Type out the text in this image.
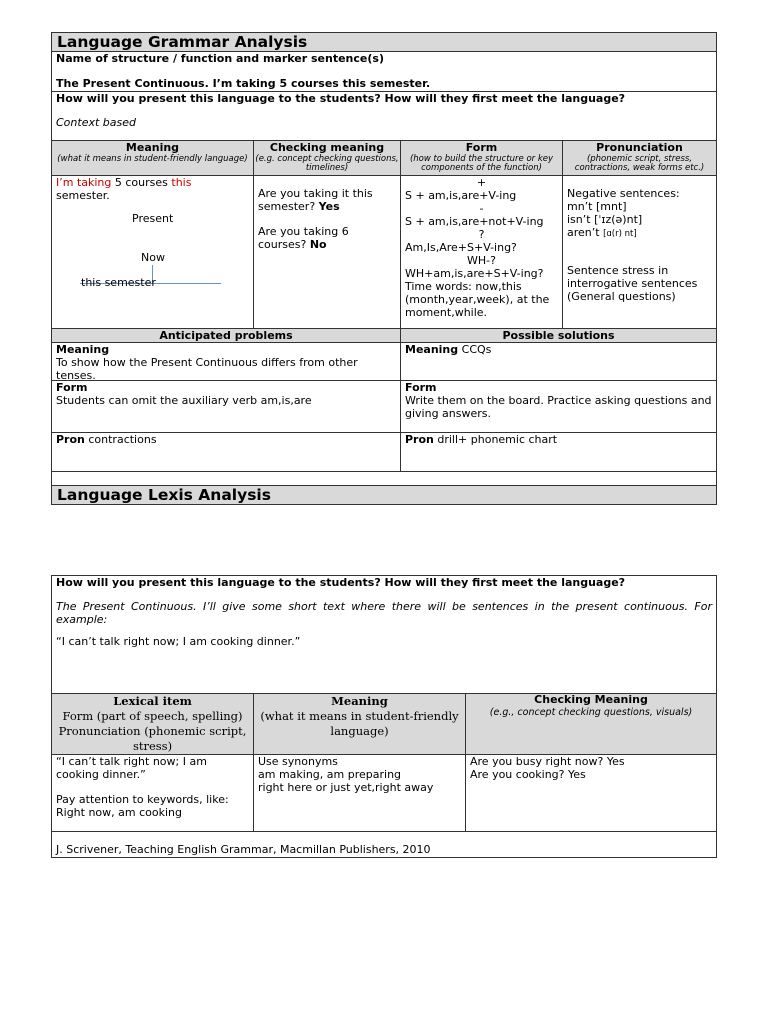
Language Grammar Analysis

Name of structure / function and marker sentence(s)

The Present Continuous. I’m taking 5 courses this semester.

How will you present this language to the students? How will they first meet the language?

Context based

Meaning
(what it means in student-friendly language)
Checking meaning
(e.g. concept checking questions, timelines)
Form
(how to build the structure or key components of the function)
Pronunciation
(phonemic script, stress, contractions, weak forms etc.)

I’m taking 5 courses this

semester.

Present
Now
this semester

Are you taking it this semester? Yes

Are you taking 6 courses? No

+

S + am,is,are+V-ing

-

S + am,is,are+not+V-ing

?

Am,Is,Are+S+V-ing?

WH-?

WH+am,is,are+S+V-ing?

Time words: now,this (month,year,week), at the moment,while.

Negative sentences:

mn’t [mnt]

isn’t [ˈɪz(ə)nt]

aren’t [ɑ(r) nt]

Sentence stress in interrogative sentences (General questions)

Anticipated problems	Possible solutions

Meaning

To show how the Present Continuous differs from other tenses.

Meaning CCQs

Form

Students can omit the auxiliary verb am,is,are

Form

Write them on the board. Practice asking questions and giving answers.

Pron contractions	Pron drill+ phonemic chart

Language Lexis Analysis

How will you present this language to the students? How will they first meet the language?

The Present Continuous. I’ll give some short text where there will be sentences in the present continuous. For example:

“I can’t talk right now; I am cooking dinner.”

Lexical item
Form (part of speech, spelling)
Pronunciation (phonemic script, stress)
Meaning
(what it means in student-friendly language)
Checking Meaning
(e.g., concept checking questions, visuals)

“I can’t talk right now; I am cooking dinner.”

Pay attention to keywords, like: Right now, am cooking

Use synonyms

am making, am preparing

right here or just yet,right away

Are you busy right now? Yes

Are you cooking? Yes

J. Scrivener, Teaching English Grammar, Macmillan Publishers, 2010
